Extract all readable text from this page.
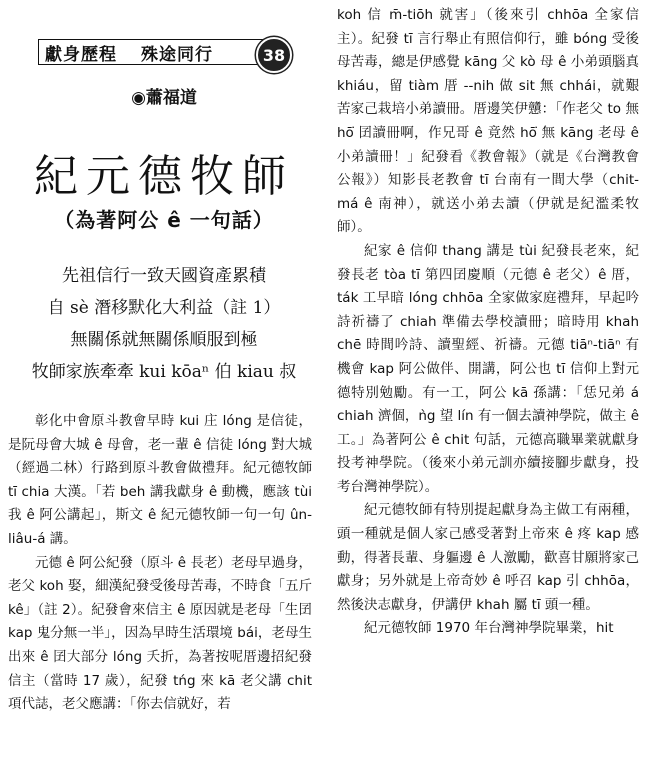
獻身歷程 殊途同行	38
◉蕭福道
紀元德牧師
（為著阿公 ê 一句話）
先祖信行一致天國資產累積
自 sè 潛移默化大利益（註 1）
無關係就無關係順服到極
牧師家族牽牽 kui kōaⁿ 伯 kiau 叔

彰化中會原斗教會早時 kui 庄 lóng 是信徒，是阮母會大城 ê 母會，老一輩 ê 信徒 lóng 對大城（經過二林）行路到原斗教會做禮拜。紀元德牧師 tī chia 大漢。「若 beh 講我獻身 ê 動機，應該 tùi 我 ê 阿公講起」，斯文 ê 紀元德牧師一句一句 ûn-liâu-á 講。

元德 ê 阿公紀發（原斗 ê 長老）老母早過身，老父 koh 娶，細漢紀發受後母苦毒，不時食「五斤 kê」（註 2）。紀發會來信主 ê 原因就是老母「生囝 kap 鬼分無一半」，因為早時生活環境 bái，老母生出來 ê 囝大部分 lóng 夭折，為著按呢厝邊招紀發信主（當時 17 歲），紀發 tńg 來 kā 老父講 chit 項代誌，老父應講：「你去信就好，若

koh 信 m̄-tiōh 就害」（後來引 chhōa 全家信主）。紀發 tī 言行舉止有照信仰行，雖 bóng 受後母苦毒，總是伊感覺 kāng 父 kò 母 ê 小弟頭腦真 khiáu，留 tiàm 厝 --nih 做 sit 無 chhái，就艱苦家己栽培小弟讀冊。厝邊笑伊戇：「作老父 to 無 hō͘ 囝讀冊啊，作兄哥 ê 竟然 hō͘ 無 kāng 老母 ê 小弟讀冊！」紀發看《教會報》（就是《台灣教會公報》）知影長老教會 tī 台南有一間大學（chit-má ê 南神），就送小弟去讀（伊就是紀濫柔牧師）。

紀家 ê 信仰 thang 講是 tùi 紀發長老來，紀發長老 tòa tī 第四囝慶順（元德 ê 老父）ê 厝，ták 工早暗 lóng chhōa 全家做家庭禮拜，早起吟詩祈禱了 chiah 準備去學校讀冊；暗時用 khah chē 時間吟詩、讀聖經、祈禱。元德 tiāⁿ-tiāⁿ 有機會 kap 阿公做伴、開講，阿公也 tī 信仰上對元德特別勉勵。有一工，阿公 kā 孫講：「恁兄弟 á chiah 濟個，ǹg 望 lín 有一個去讀神學院，做主 ê 工。」為著阿公 ê chit 句話，元德高職畢業就獻身投考神學院。（後來小弟元訓亦續接腳步獻身，投考台灣神學院）。

紀元德牧師有特別提起獻身為主做工有兩種，頭一種就是個人家己感受著對上帝來 ê 疼 kap 感動，得著長輩、身軀邊 ê 人激勵，歡喜甘願將家己獻身；另外就是上帝奇妙 ê 呼召 kap 引 chhōa，然後決志獻身，伊講伊 khah 屬 tī 頭一種。

紀元德牧師 1970 年台灣神學院畢業，hit
